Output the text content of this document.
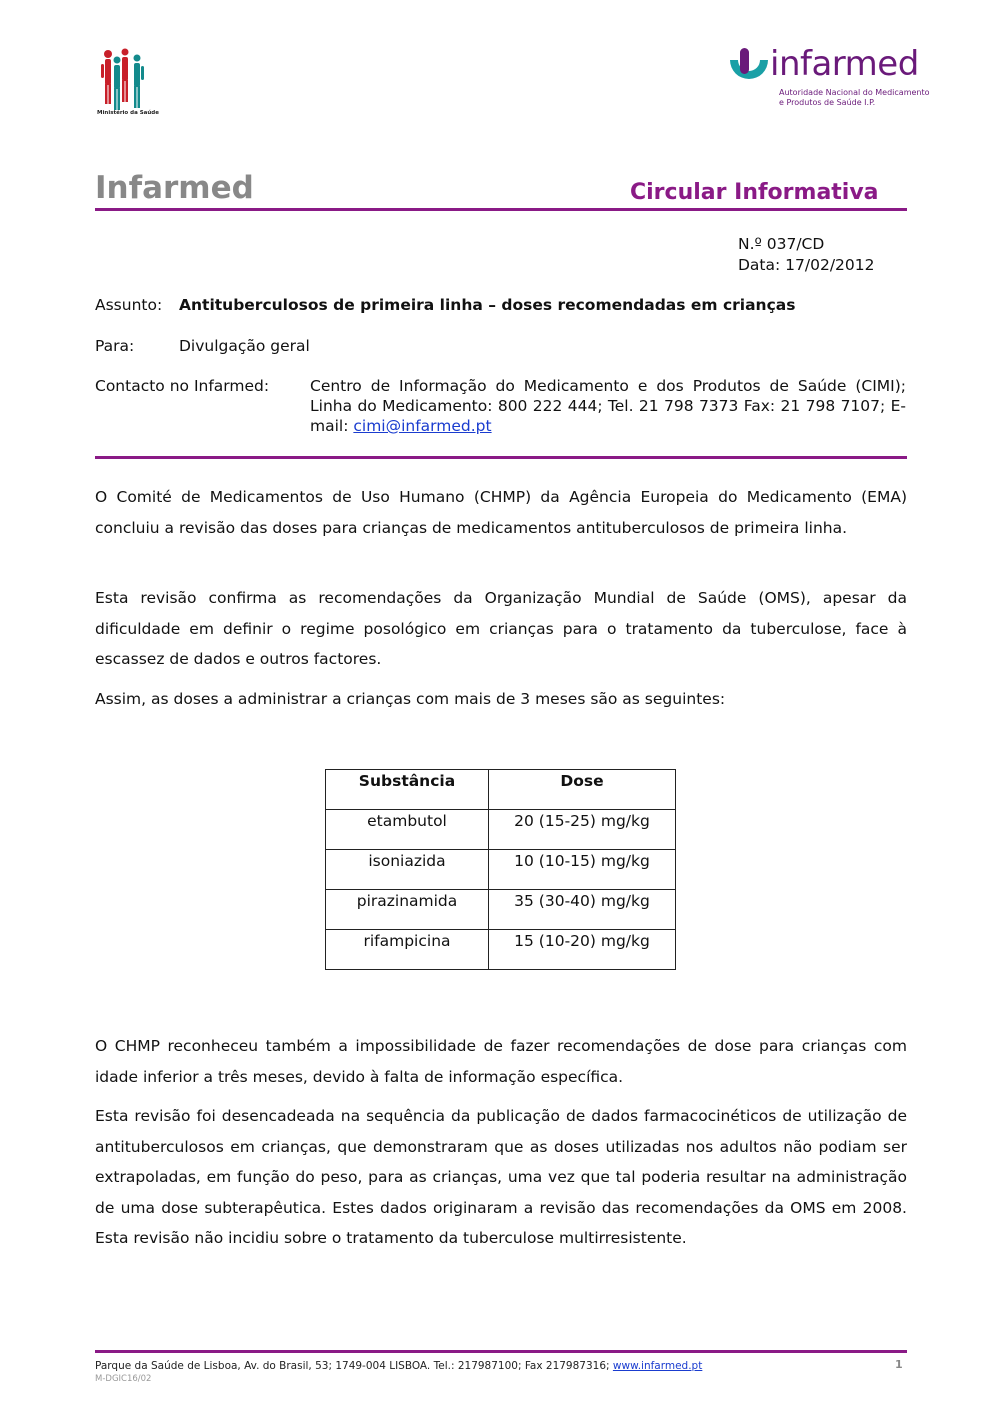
Ministério da Saúde
infarmed
Autoridade Nacional do Medicamento
e Produtos de Saúde I.P.
Infarmed	Circular Informativa
N.º 037/CD
Data: 17/02/2012
Assunto: Antituberculosos de primeira linha – doses recomendadas em crianças
Para:	Divulgação geral
Contacto no Infarmed:	Centro de Informação do Medicamento e dos Produtos de Saúde (CIMI); Linha do Medicamento: 800 222 444; Tel. 21 798 7373 Fax: 21 798 7107; E-mail: cimi@infarmed.pt
O Comité de Medicamentos de Uso Humano (CHMP) da Agência Europeia do Medicamento (EMA) concluiu a revisão das doses para crianças de medicamentos antituberculosos de primeira linha.
Esta revisão confirma as recomendações da Organização Mundial de Saúde (OMS), apesar da dificuldade em definir o regime posológico em crianças para o tratamento da tuberculose, face à escassez de dados e outros factores.
Assim, as doses a administrar a crianças com mais de 3 meses são as seguintes:
Substância	Dose
etambutol	20 (15-25) mg/kg
isoniazida	10 (10-15) mg/kg
pirazinamida	35 (30-40) mg/kg
rifampicina	15 (10-20) mg/kg
O CHMP reconheceu também a impossibilidade de fazer recomendações de dose para crianças com idade inferior a três meses, devido à falta de informação específica.
Esta revisão foi desencadeada na sequência da publicação de dados farmacocinéticos de utilização de antituberculosos em crianças, que demonstraram que as doses utilizadas nos adultos não podiam ser extrapoladas, em função do peso, para as crianças, uma vez que tal poderia resultar na administração de uma dose subterapêutica. Estes dados originaram a revisão das recomendações da OMS em 2008. Esta revisão não incidiu sobre o tratamento da tuberculose multirresistente.
Parque da Saúde de Lisboa, Av. do Brasil, 53; 1749-004 LISBOA. Tel.: 217987100; Fax 217987316; www.infarmed.pt
M-DGIC16/02
1
